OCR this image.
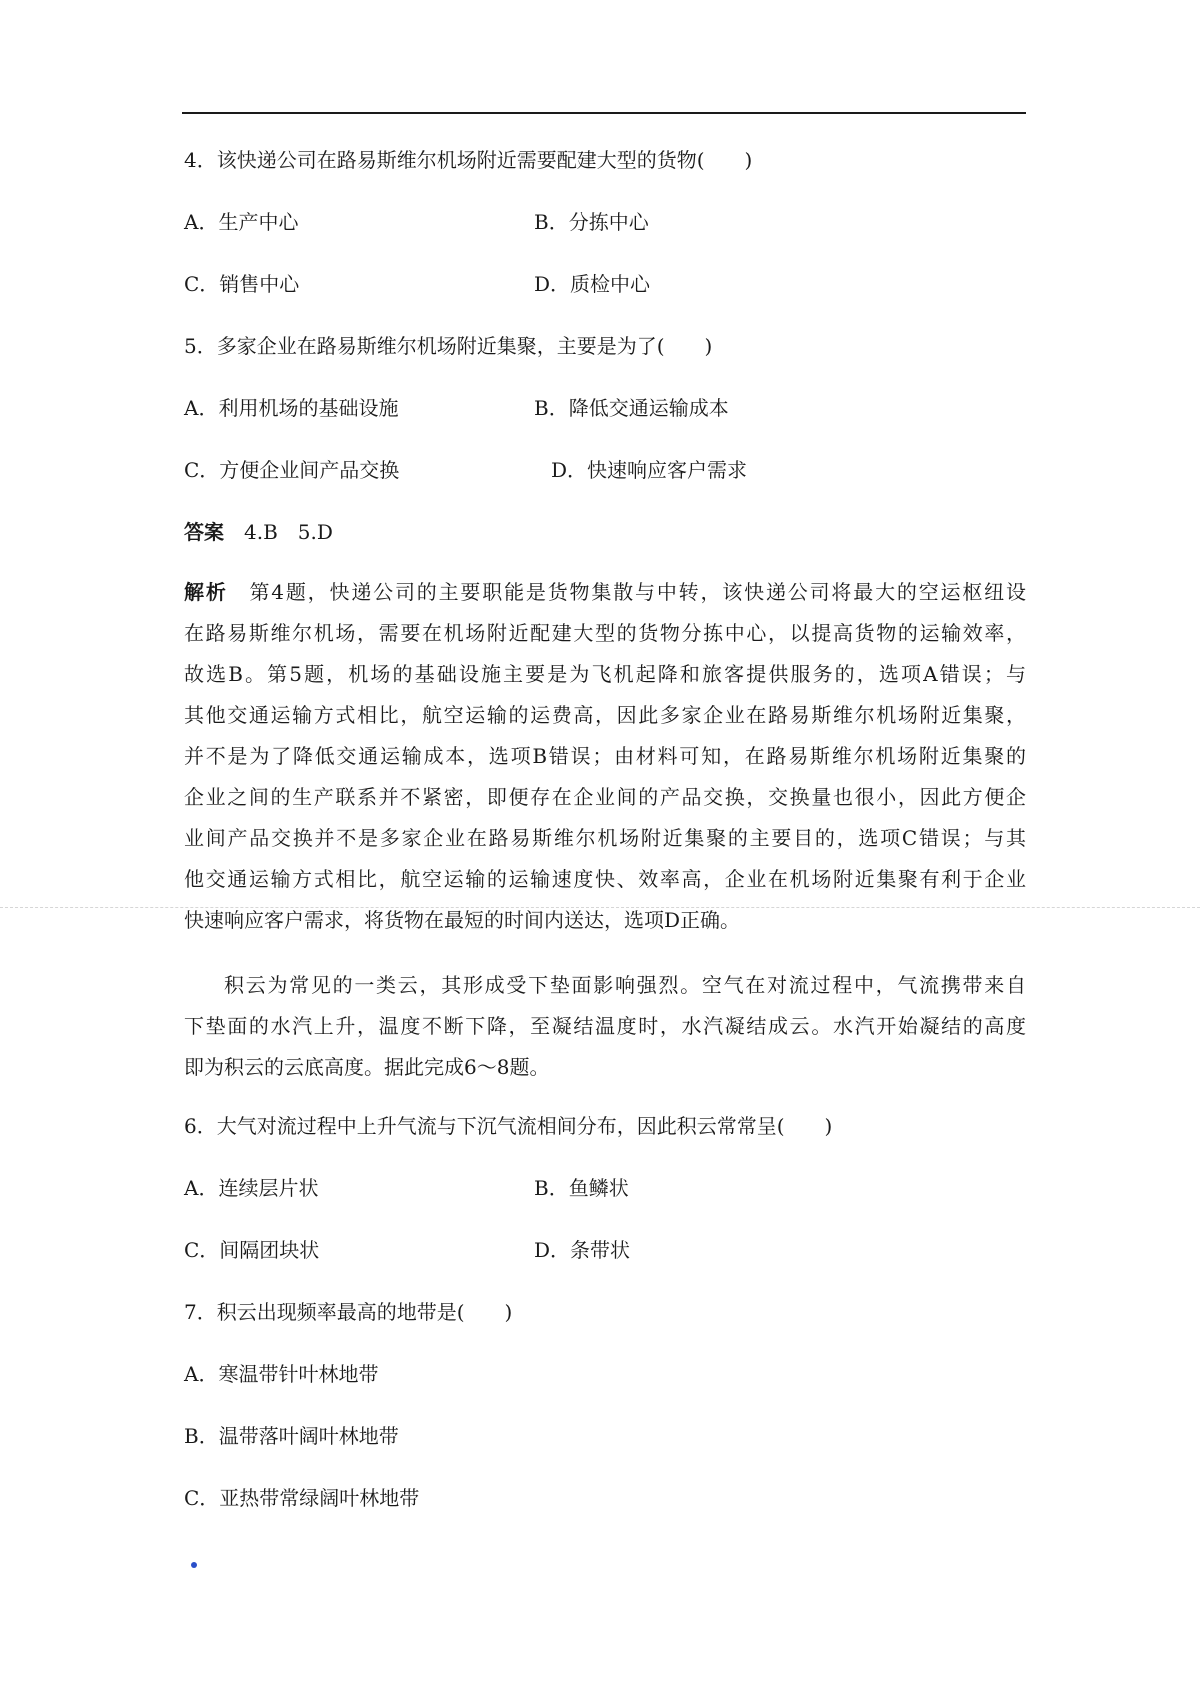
4．该快递公司在路易斯维尔机场附近需要配建大型的货物(　　)
A．生产中心	B．分拣中心
C．销售中心	D．质检中心
5．多家企业在路易斯维尔机场附近集聚，主要是为了(　　)
A．利用机场的基础设施	B．降低交通运输成本
C．方便企业间产品交换	D．快速响应客户需求
答案　 4.B　5.D
解析　 第4题，快递公司的主要职能是货物集散与中转，该快递公司将最大的空运枢纽设
在路易斯维尔机场，需要在机场附近配建大型的货物分拣中心，以提高货物的运输效率，
故选B。第5题，机场的基础设施主要是为飞机起降和旅客提供服务的，选项A错误；与
其他交通运输方式相比，航空运输的运费高，因此多家企业在路易斯维尔机场附近集聚，
并不是为了降低交通运输成本，选项B错误；由材料可知，在路易斯维尔机场附近集聚的
企业之间的生产联系并不紧密，即便存在企业间的产品交换，交换量也很小，因此方便企
业间产品交换并不是多家企业在路易斯维尔机场附近集聚的主要目的，选项C错误；与其
他交通运输方式相比，航空运输的运输速度快、效率高，企业在机场附近集聚有利于企业
快速响应客户需求，将货物在最短的时间内送达，选项D正确。
积云为常见的一类云，其形成受下垫面影响强烈。空气在对流过程中，气流携带来自
下垫面的水汽上升，温度不断下降，至凝结温度时，水汽凝结成云。水汽开始凝结的高度
即为积云的云底高度。据此完成6～8题。
6．大气对流过程中上升气流与下沉气流相间分布，因此积云常常呈(　　)
A．连续层片状	B．鱼鳞状
C．间隔团块状	D．条带状
7．积云出现频率最高的地带是(　　)
A．寒温带针叶林地带
B．温带落叶阔叶林地带
C．亚热带常绿阔叶林地带
